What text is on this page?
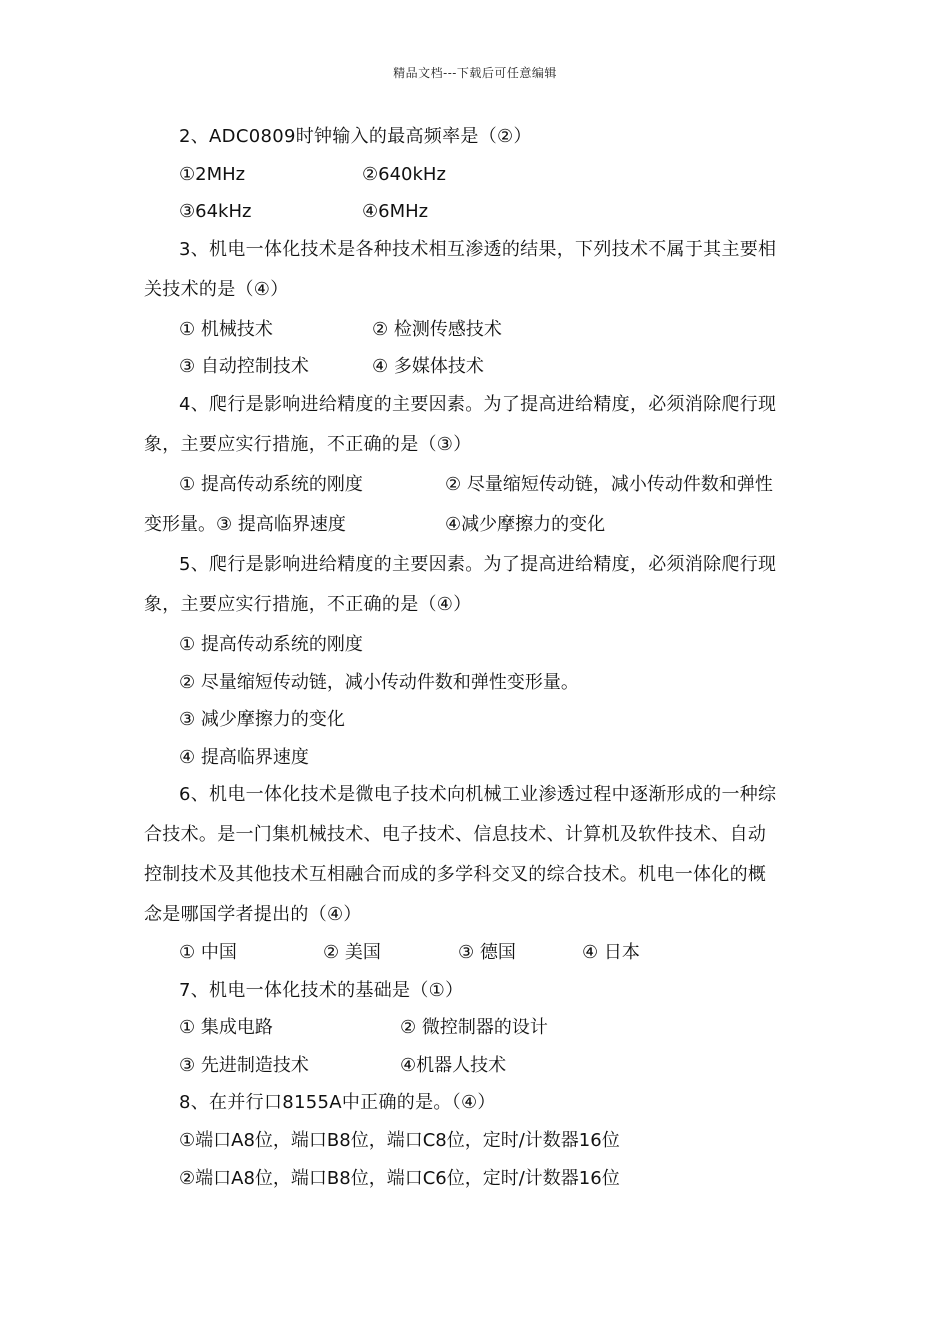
精品文档---下载后可任意编辑
2、ADC0809时钟输入的最高频率是（②）
①2MHz	②640kHz
③64kHz	④6MHz
3、机电一体化技术是各种技术相互渗透的结果，下列技术不属于其主要相
关技术的是（④）
① 机械技术	② 检测传感技术
③ 自动控制技术	④ 多媒体技术
4、爬行是影响进给精度的主要因素。为了提高进给精度，必须消除爬行现
象，主要应实行措施，不正确的是（③）
① 提高传动系统的刚度	② 尽量缩短传动链，减小传动件数和弹性
变形量。③ 提高临界速度	④减少摩擦力的变化
5、爬行是影响进给精度的主要因素。为了提高进给精度，必须消除爬行现
象，主要应实行措施，不正确的是（④）
① 提高传动系统的刚度
② 尽量缩短传动链，减小传动件数和弹性变形量。
③ 减少摩擦力的变化
④ 提高临界速度
6、机电一体化技术是微电子技术向机械工业渗透过程中逐渐形成的一种综
合技术。是一门集机械技术、电子技术、信息技术、计算机及软件技术、自动
控制技术及其他技术互相融合而成的多学科交叉的综合技术。机电一体化的概
念是哪国学者提出的（④）
① 中国	② 美国	③ 德国	④ 日本
7、机电一体化技术的基础是（①）
① 集成电路	② 微控制器的设计
③ 先进制造技术	④机器人技术
8、在并行口8155A中正确的是。（④）
①端口A8位，端口B8位，端口C8位，定时/计数器16位
②端口A8位，端口B8位，端口C6位，定时/计数器16位
